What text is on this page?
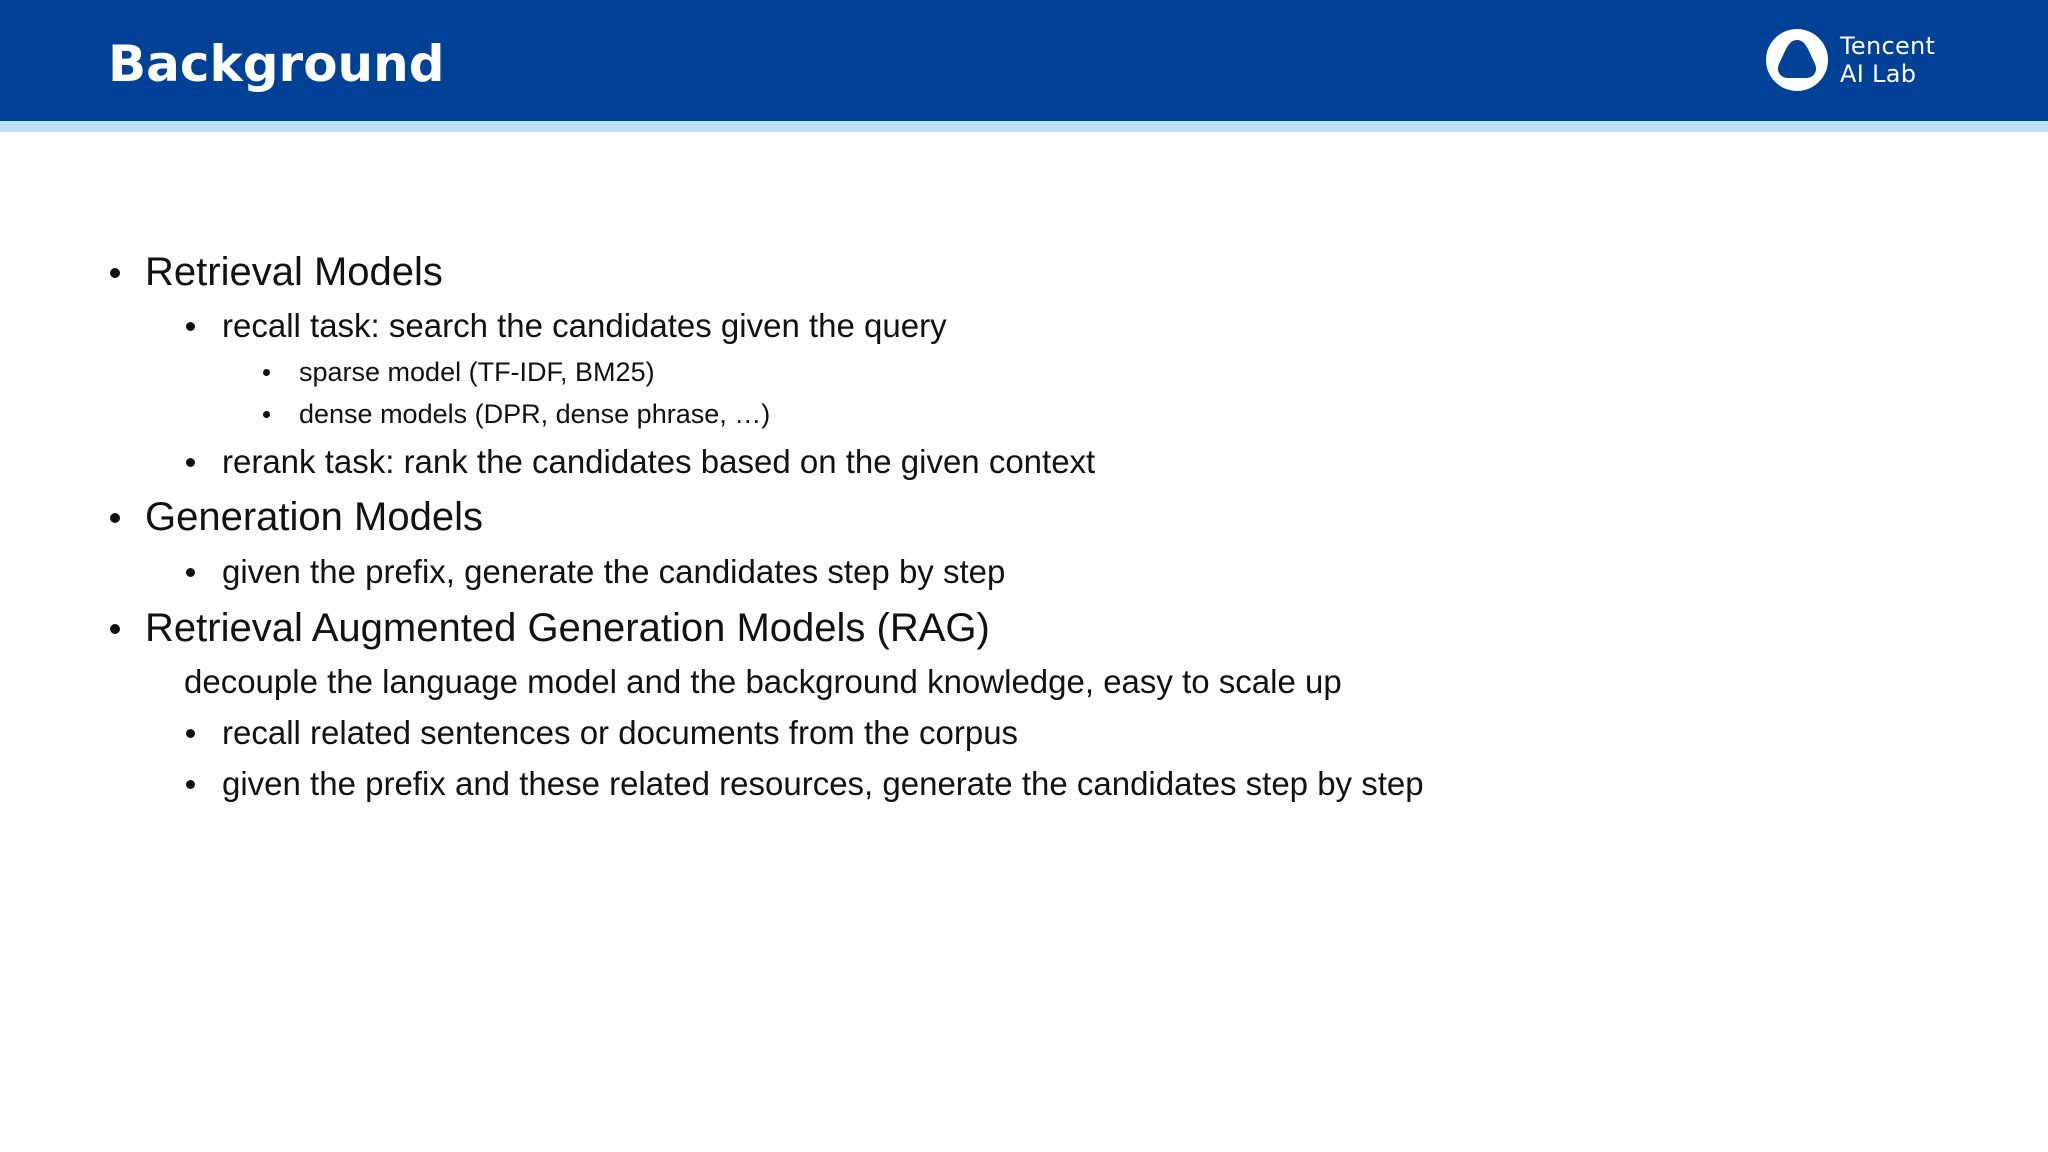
Background	Tencent
AI Lab
Retrieval Models
recall task: search the candidates given the query
sparse model (TF-IDF, BM25)
dense models (DPR, dense phrase, …)
rerank task: rank the candidates based on the given context
Generation Models
given the prefix, generate the candidates step by step
Retrieval Augmented Generation Models (RAG)
decouple the language model and the background knowledge, easy to scale up
recall related sentences or documents from the corpus
given the prefix and these related resources, generate the candidates step by step
